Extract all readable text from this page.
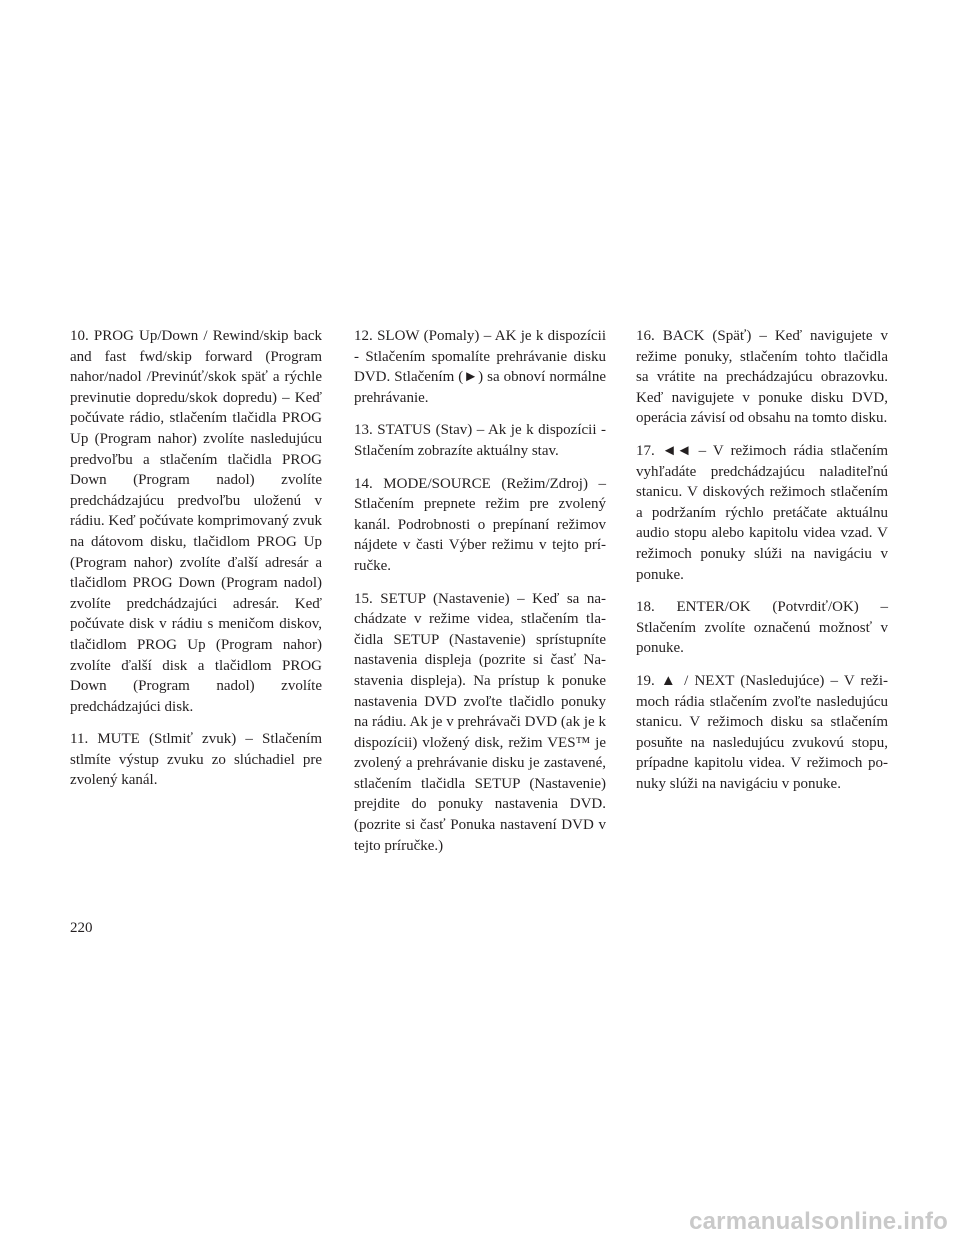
10. PROG Up/Down / Rewind/skip back and fast fwd/skip forward (Program nahor/nadol /Previnúť/skok späť a rýchle previnutie dopredu/skok dopredu) – Keď počúvate rádio, stlačením tlačidla PROG Up (Program nahor) zvolíte nasledujúcu predvoľbu a stlačením tlačidla PROG Down (Program nadol) zvolíte predchádzajúcu predvoľbu uloženú v rádiu. Keď počúvate komprimovaný zvuk na dátovom disku, tlačidlom PROG Up (Program nahor) zvolíte ďalší adresár a tlačidlom PROG Down (Program nadol) zvolíte predchádzajúci adresár. Keď počúvate disk v rádiu s meničom diskov, tlačidlom PROG Up (Program nahor) zvolíte ďalší disk a tlačidlom PROG Down (Program nadol) zvolíte predchádzajúci disk.

11. MUTE (Stlmiť zvuk) – Stlačením stlmíte výstup zvuku zo slúchadiel pre zvolený kanál.

12. SLOW (Pomaly) – AK je k dispozícii - Stlačením spomalíte prehrávanie disku DVD. Stlačením (►) sa obnoví normálne prehrávanie.

13. STATUS (Stav) – Ak je k dispozícii - Stlačením zobrazíte aktuálny stav.

14. MODE/SOURCE (Režim/Zdroj) – Stlačením prepnete režim pre zvolený kanál. Podrobnosti o prepínaní režimov nájdete v časti Výber režimu v tejto príručke.

15. SETUP (Nastavenie) – Keď sa nachádzate v režime videa, stlačením tlačidla SETUP (Nastavenie) sprístupníte nastavenia displeja (pozrite si časť Nastavenia displeja). Na prístup k ponuke nastavenia DVD zvoľte tlačidlo ponuky na rádiu. Ak je v prehrávači DVD (ak je k dispozícii) vložený disk, režim VES™ je zvolený a prehrávanie disku je zastavené, stlačením tlačidla SETUP (Nastavenie) prejdite do ponuky nastavenia DVD. (pozrite si časť Ponuka nastavení DVD v tejto príručke.)

16. BACK (Späť) – Keď navigujete v režime ponuky, stlačením tohto tlačidla sa vrátite na prechádzajúcu obrazovku. Keď navigujete v ponuke disku DVD, operácia závisí od obsahu na tomto disku.

17. ◄◄ – V režimoch rádia stlačením vyhľadáte predchádzajúcu naladiteľnú stanicu. V diskových režimoch stlačením a podržaním rýchlo pretáčate aktuálnu audio stopu alebo kapitolu videa vzad. V režimoch ponuky slúži na navigáciu v ponuke.

18. ENTER/OK (Potvrdiť/OK) – Stlačením zvolíte označenú možnosť v ponuke.

19. ▲ / NEXT (Nasledujúce) – V režimoch rádia stlačením zvoľte nasledujúcu stanicu. V režimoch disku sa stlačením posuňte na nasledujúcu zvukovú stopu, prípadne kapitolu videa. V režimoch ponuky slúži na navigáciu v ponuke.

220
carmanualsonline.info
